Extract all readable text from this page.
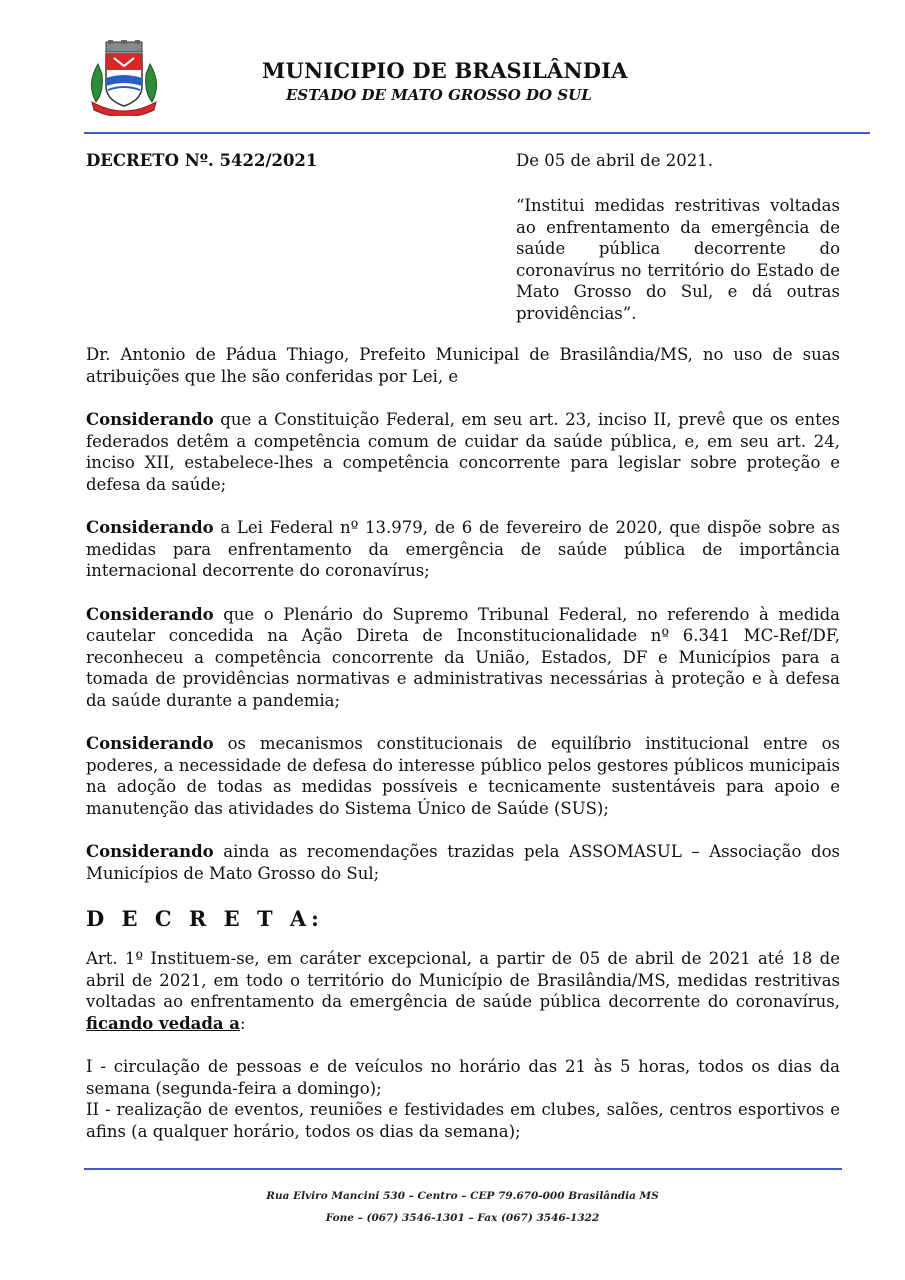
MUNICIPIO DE BRASILÂNDIA
ESTADO DE MATO GROSSO DO SUL
DECRETO Nº. 5422/2021	De 05 de abril de 2021.
“Institui medidas restritivas voltadas ao enfrentamento da emergência de saúde pública decorrente do coronavírus no território do Estado de Mato Grosso do Sul, e dá outras providências”.

Dr. Antonio de Pádua Thiago, Prefeito Municipal de Brasilândia/MS, no uso de suas atribuições que lhe são conferidas por Lei, e

Considerando que a Constituição Federal, em seu art. 23, inciso II, prevê que os entes federados detêm a competência comum de cuidar da saúde pública, e, em seu art. 24, inciso XII, estabelece-lhes a competência concorrente para legislar sobre proteção e defesa da saúde;

Considerando a Lei Federal nº 13.979, de 6 de fevereiro de 2020, que dispõe sobre as medidas para enfrentamento da emergência de saúde pública de importância internacional decorrente do coronavírus;

Considerando que o Plenário do Supremo Tribunal Federal, no referendo à medida cautelar concedida na Ação Direta de Inconstitucionalidade nº 6.341 MC-Ref/DF, reconheceu a competência concorrente da União, Estados, DF e Municípios para a tomada de providências normativas e administrativas necessárias à proteção e à defesa da saúde durante a pandemia;

Considerando os mecanismos constitucionais de equilíbrio institucional entre os poderes, a necessidade de defesa do interesse público pelos gestores públicos municipais na adoção de todas as medidas possíveis e tecnicamente sustentáveis para apoio e manutenção das atividades do Sistema Único de Saúde (SUS);

Considerando ainda as recomendações trazidas pela ASSOMASUL – Associação dos Municípios de Mato Grosso do Sul;

D E C R E T A:

Art. 1º Instituem-se, em caráter excepcional, a partir de 05 de abril de 2021 até 18 de abril de 2021, em todo o território do Município de Brasilândia/MS, medidas restritivas voltadas ao enfrentamento da emergência de saúde pública decorrente do coronavírus, ficando vedada a:

I - circulação de pessoas e de veículos no horário das 21 às 5 horas, todos os dias da semana (segunda-feira a domingo);

II - realização de eventos, reuniões e festividades em clubes, salões, centros esportivos e afins (a qualquer horário, todos os dias da semana);

Rua Elviro Mancini 530 – Centro – CEP 79.670-000 Brasilândia MS
Fone – (067) 3546-1301 – Fax (067) 3546-1322
